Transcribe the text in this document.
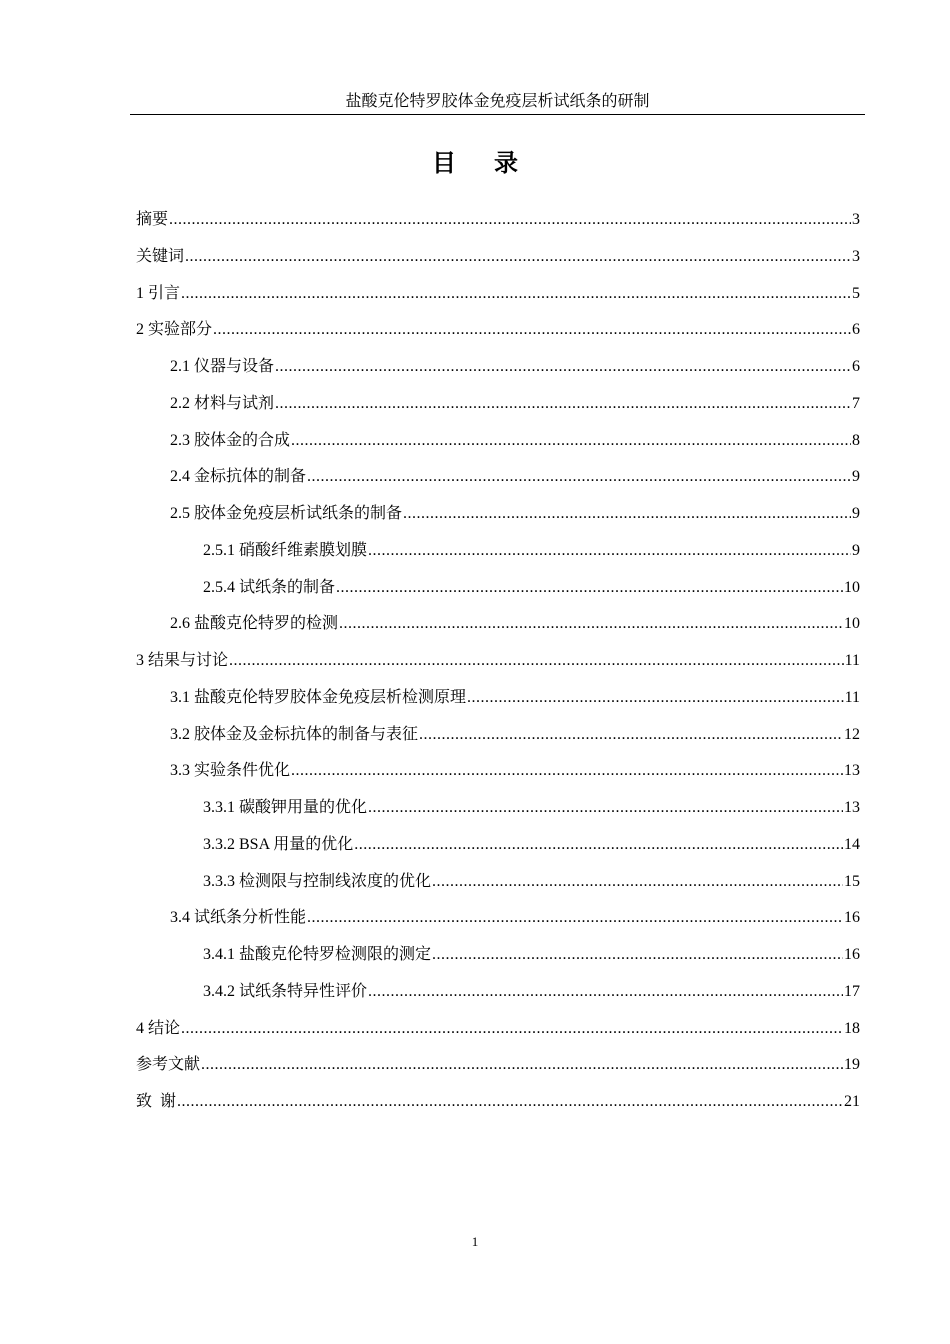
盐酸克伦特罗胶体金免疫层析试纸条的研制
目录
摘要 .....	3
关键词 .....	3
1 引言 .....	5
2 实验部分 .....	6
2.1 仪器与设备 .....	6
2.2 材料与试剂 .....	7
2.3 胶体金的合成 .....	8
2.4 金标抗体的制备 .....	9
2.5 胶体金免疫层析试纸条的制备 .....	9
2.5.1 硝酸纤维素膜划膜 .....	9
2.5.4 试纸条的制备 .....	10
2.6 盐酸克伦特罗的检测 .....	10
3 结果与讨论 .....	11
3.1 盐酸克伦特罗胶体金免疫层析检测原理 .....	11
3.2 胶体金及金标抗体的制备与表征 .....	12
3.3 实验条件优化 .....	13
3.3.1 碳酸钾用量的优化 .....	13
3.3.2 BSA 用量的优化 .....	14
3.3.3 检测限与控制线浓度的优化 .....	15
3.4 试纸条分析性能 .....	16
3.4.1 盐酸克伦特罗检测限的测定 .....	16
3.4.2 试纸条特异性评价 .....	17
4 结论 .....	18
参考文献 .....	19
致  谢 .....	21
1
